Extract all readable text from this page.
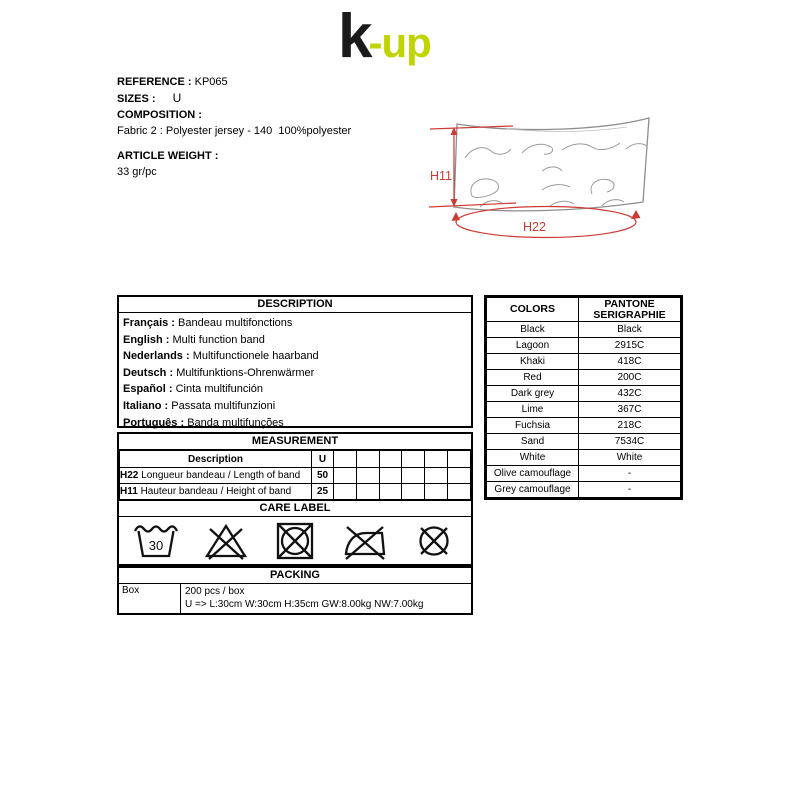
k
-up
REFERENCE : KP065
SIZES : U
COMPOSITION :
Fabric 2 : Polyester jersey - 140  100%polyester
ARTICLE WEIGHT :
33 gr/pc	H11
H22
DESCRIPTION
Français : Bandeau multifonctions
English : Multi function band
Nederlands : Multifunctionele haarband
Deutsch : Multifunktions-Ohrenwärmer
Español : Cinta multifunción
Italiano : Passata multifunzioni
Português : Banda multifunções
COLORS	PANTONE SERIGRAPHIE
Black	Black
Lagoon	2915C
Khaki	418C
Red	200C
Dark grey	432C
Lime	367C
Fuchsia	218C
Sand	7534C
White	White
Olive camouflage	-
Grey camouflage	-
MEASUREMENT
Description	U						
H22 Longueur bandeau / Length of band	50						
H11 Hauteur bandeau / Height of band	25						
CARE LABEL
30
PACKING
Box	200 pcs / box
U => L:30cm W:30cm H:35cm GW:8.00kg NW:7.00kg
